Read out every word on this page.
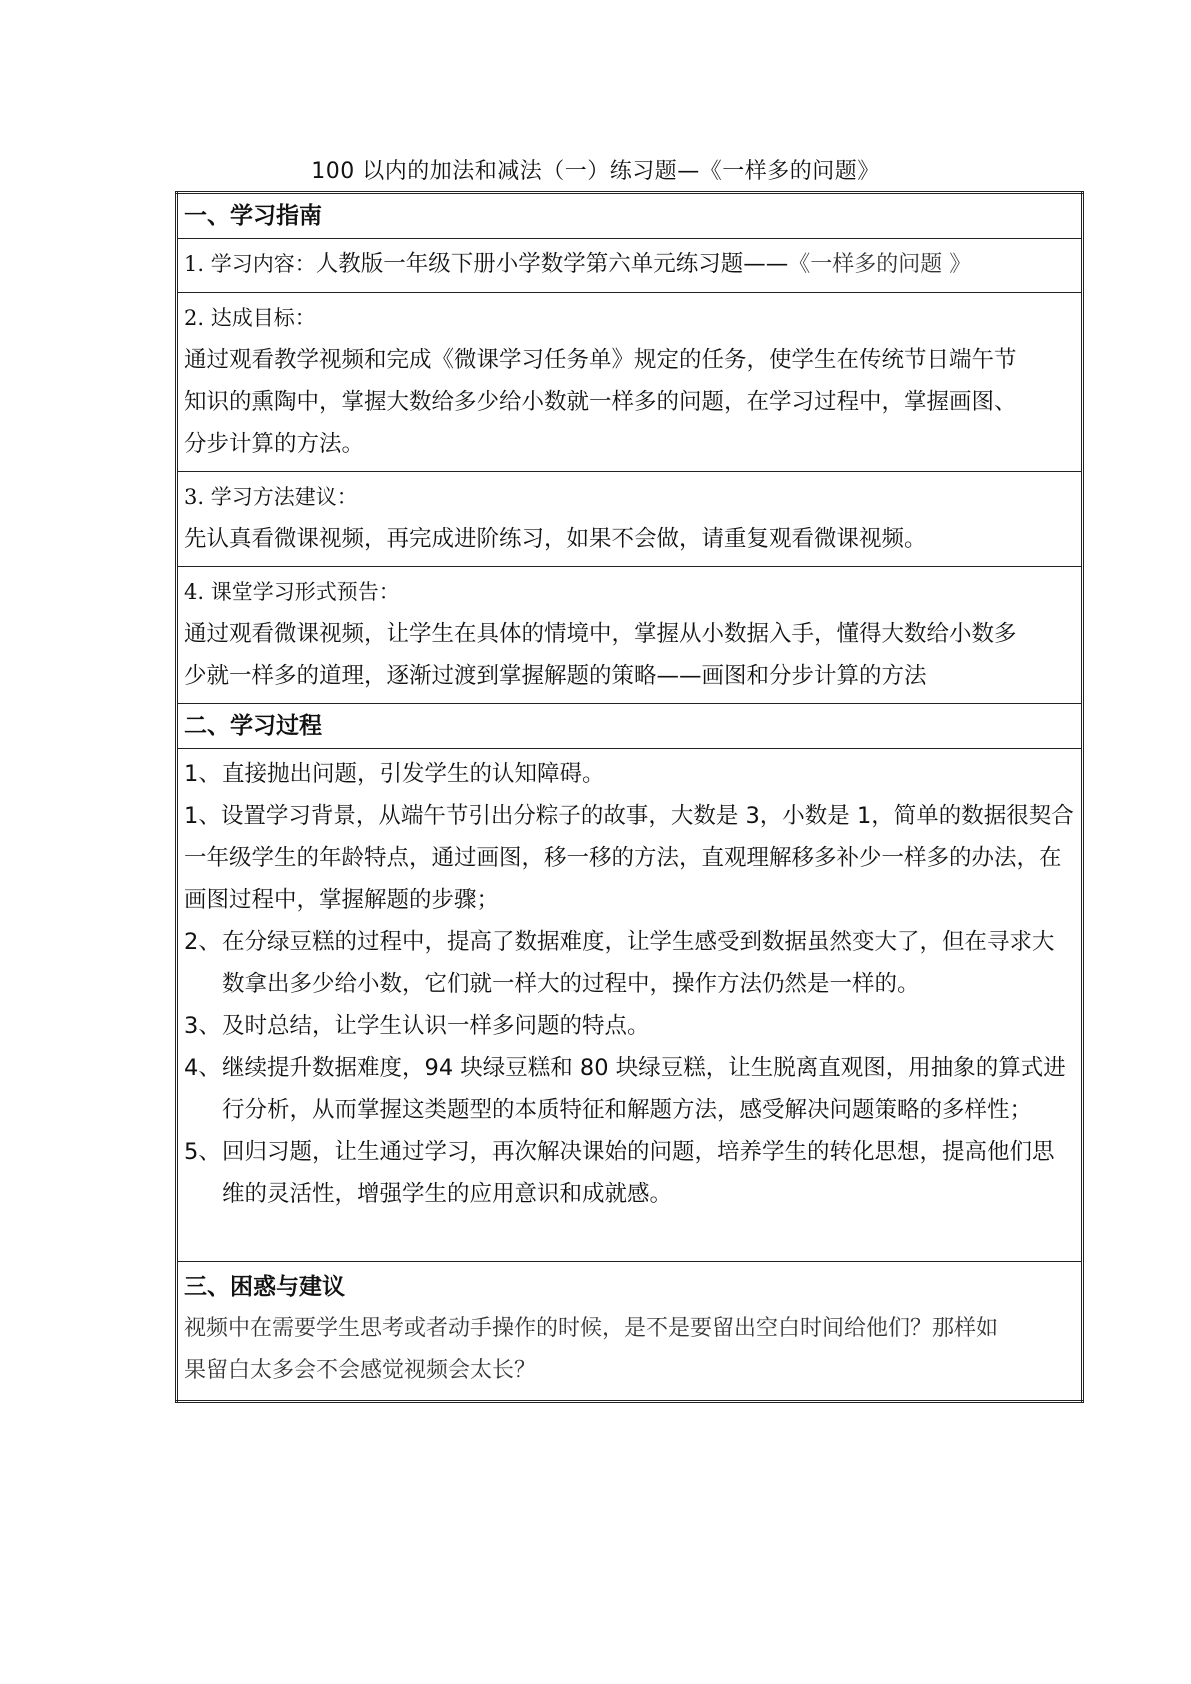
100 以内的加法和减法（一）练习题—《一样多的问题》
一、学习指南
1. 学习内容：人教版一年级下册小学数学第六单元练习题——《一样多的问题 》

2. 达成目标：
通过观看教学视频和完成《微课学习任务单》规定的任务，使学生在传统节日端午节
知识的熏陶中，掌握大数给多少给小数就一样多的问题，在学习过程中，掌握画图、
分步计算的方法。

3. 学习方法建议：
先认真看微课视频，再完成进阶练习，如果不会做，请重复观看微课视频。

4. 课堂学习形式预告：
通过观看微课视频，让学生在具体的情境中，掌握从小数据入手，懂得大数给小数多
少就一样多的道理，逐渐过渡到掌握解题的策略——画图和分步计算的方法

二、学习过程

1、直接抛出问题，引发学生的认知障碍。
1、设置学习背景，从端午节引出分粽子的故事，大数是 3，小数是 1，简单的数据很契合一年级学生的年龄特点，通过画图，移一移的方法，直观理解移多补少一样多的办法，在画图过程中，掌握解题的步骤；
2、在分绿豆糕的过程中，提高了数据难度，让学生感受到数据虽然变大了，但在寻求大数拿出多少给小数，它们就一样大的过程中，操作方法仍然是一样的。
3、及时总结，让学生认识一样多问题的特点。
4、继续提升数据难度，94 块绿豆糕和 80 块绿豆糕，让生脱离直观图，用抽象的算式进行分析，从而掌握这类题型的本质特征和解题方法，感受解决问题策略的多样性；
5、回归习题，让生通过学习，再次解决课始的问题，培养学生的转化思想，提高他们思维的灵活性，增强学生的应用意识和成就感。

三、困惑与建议
视频中在需要学生思考或者动手操作的时候，是不是要留出空白时间给他们？那样如
果留白太多会不会感觉视频会太长？
